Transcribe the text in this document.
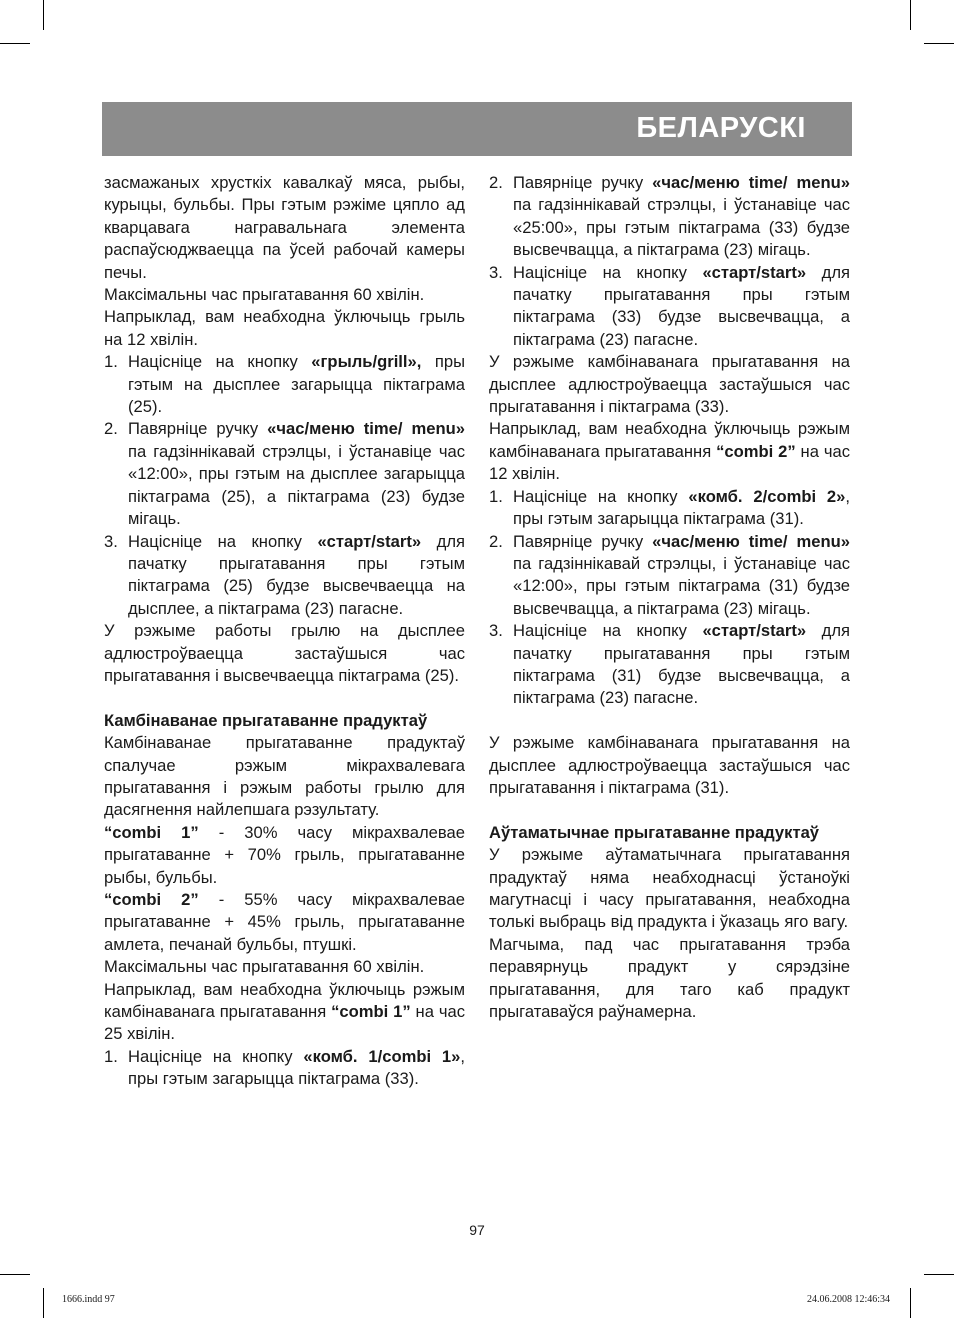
БЕЛАРУСКІ

засмажаных хрусткіх кавалкаў мяса, рыбы, курыцы, бульбы. Пры гэтым рэжіме цяпло ад кварцавага награвальнага элемента распаўсюджваецца па ўсей рабочай камеры печы.

Максімальны час прыгатавання 60 хвілін.

Напрыклад, вам неабходна ўключыць грыль на 12 хвілін.

1. Націсніце на кнопку «грыль/grill», пры гэтым на дысплее загарыцца піктаграма (25).
2. Павярніце ручку «час/меню time/ menu» па гадзіннікавай стрэлцы, і ўстанавіце час «12:00», пры гэтым на дысплее загарыцца піктаграма (25), а піктаграма (23) будзе мігаць.
3. Націсніце на кнопку «старт/start» для пачатку прыгатавання пры гэтым піктаграма (25) будзе высвечваецца на дысплее, а піктаграма (23) пагасне.

У рэжыме работы грылю на дысплее адлюстроўваецца застаўшыся час прыгатавання і высвечваецца піктаграма (25).

Камбінаванае прыгатаванне прадуктаў

Камбінаванае прыгатаванне прадуктаў спалучае рэжым мікрахвалевага прыгатавання і рэжым работы грылю для дасягнення найлепшага рэзультату.

“combi 1” - 30% часу мікрахвалевае прыгатаванне + 70% грыль, прыгатаванне рыбы, бульбы.

“combi 2” - 55% часу мікрахвалевае прыгатаванне + 45% грыль, прыгатаванне амлета, печанай бульбы, птушкі.

Максімальны час прыгатавання 60 хвілін.

Напрыклад, вам неабходна ўключыць рэжым камбінаванага прыгатавання “combi 1” на час 25 хвілін.

1. Націсніце на кнопку «комб. 1/combi 1», пры гэтым загарыцца піктаграма (33).
2. Павярніце ручку «час/меню time/ menu» па гадзіннікавай стрэлцы, і ўстанавіце час «25:00», пры гэтым піктаграма (33) будзе высвечвацца, а піктаграма (23) мігаць.
3. Націсніце на кнопку «старт/start» для пачатку прыгатавання пры гэтым піктаграма (33) будзе высвечвацца, а піктаграма (23) пагасне.

У рэжыме камбінаванага прыгатавання на дысплее адлюстроўваецца застаўшыся час прыгатавання і піктаграма (33).

Напрыклад, вам неабходна ўключыць рэжым камбінаванага прыгатавання “combi 2” на час 12 хвілін.

1. Націсніце на кнопку «комб. 2/combi 2», пры гэтым загарыцца піктаграма (31).
2. Павярніце ручку «час/меню time/ menu» па гадзіннікавай стрэлцы, і ўстанавіце час «12:00», пры гэтым піктаграма (31) будзе высвечвацца, а піктаграма (23) мігаць.
3. Націсніце на кнопку «старт/start» для пачатку прыгатавання пры гэтым піктаграма (31) будзе высвечвацца, а піктаграма (23) пагасне.

У рэжыме камбінаванага прыгатавання на дысплее адлюстроўваецца застаўшыся час прыгатавання і піктаграма (31).

Аўтаматычнае прыгатаванне прадуктаў

У рэжыме аўтаматычнага прыгатавання прадуктаў няма неабходнасці ўстаноўкі магутнасці і часу прыгатавання, неабходна толькі выбраць від прадукта і ўказаць яго вагу.

Магчыма, пад час прыгатавання трэба перавярнуць прадукт у сярэдзіне прыгатавання, для таго каб прадукт прыгатаваўся раўнамерна.

97
1666.indd 97	24.06.2008 12:46:34
